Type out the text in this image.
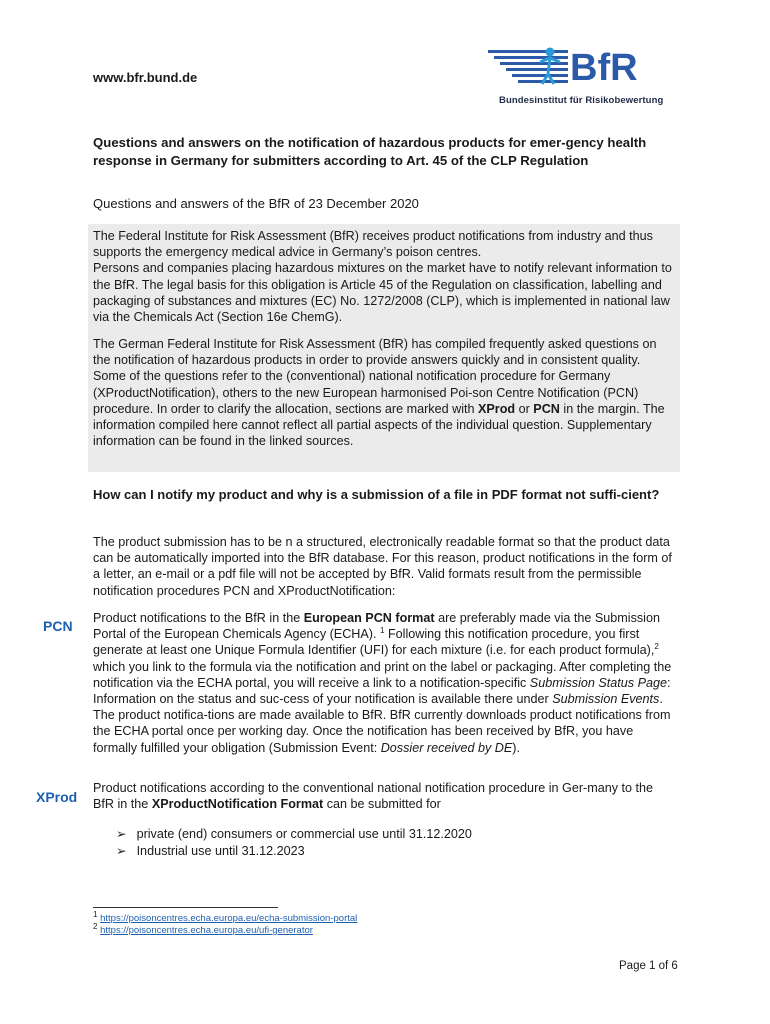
www.bfr.bund.de	BfR
Bundesinstitut für Risikobewertung
Questions and answers on the notification of hazardous products for emer-gency health response in Germany for submitters according to Art. 45 of the CLP Regulation
Questions and answers of the BfR of 23 December 2020
The Federal Institute for Risk Assessment (BfR) receives product notifications from industry and thus supports the emergency medical advice in Germany’s poison centres.
Persons and companies placing hazardous mixtures on the market have to notify relevant information to the BfR. The legal basis for this obligation is Article 45 of the Regulation on classification, labelling and packaging of substances and mixtures (EC) No. 1272/2008 (CLP), which is implemented in national law via the Chemicals Act (Section 16e ChemG).
The German Federal Institute for Risk Assessment (BfR) has compiled frequently asked questions on the notification of hazardous products in order to provide answers quickly and in consistent quality. Some of the questions refer to the (conventional) national notification procedure for Germany (XProductNotification), others to the new European harmonised Poi-son Centre Notification (PCN) procedure. In order to clarify the allocation, sections are marked with XProd or PCN in the margin. The information compiled here cannot reflect all partial aspects of the individual question. Supplementary information can be found in the linked sources.
How can I notify my product and why is a submission of a file in PDF format not suffi-cient?
The product submission has to be n a structured, electronically readable format so that the product data can be automatically imported into the BfR database. For this reason, product notifications in the form of a letter, an e-mail or a pdf file will not be accepted by BfR. Valid formats result from the permissible notification procedures PCN and XProductNotification:
PCN Product notifications to the BfR in the European PCN format are preferably made via the Submission Portal of the European Chemicals Agency (ECHA). $^1$ Following this notification procedure, you first generate at least one Unique Formula Identifier (UFI) for each mixture (i.e. for each product formula),$^2$ which you link to the formula via the notification and print on the label or packaging. After completing the notification via the ECHA portal, you will receive a link to a notification-specific Submission Status Page: Information on the status and suc-cess of your notification is available there under Submission Events. The product notifica-tions are made available to BfR. BfR currently downloads product notifications from the ECHA portal once per working day. Once the notification has been received by BfR, you have formally fulfilled your obligation (Submission Event: Dossier received by DE).
XProd
Product notifications according to the conventional national notification procedure in Ger-many to the BfR in the XProductNotification Format can be submitted for
➢ private (end) consumers or commercial use until 31.12.2020
➢ Industrial use until 31.12.2023
$^1$ https://poisoncentres.echa.europa.eu/echa-submission-portal
$^2$ https://poisoncentres.echa.europa.eu/ufi-generator
Page 1 of 6
